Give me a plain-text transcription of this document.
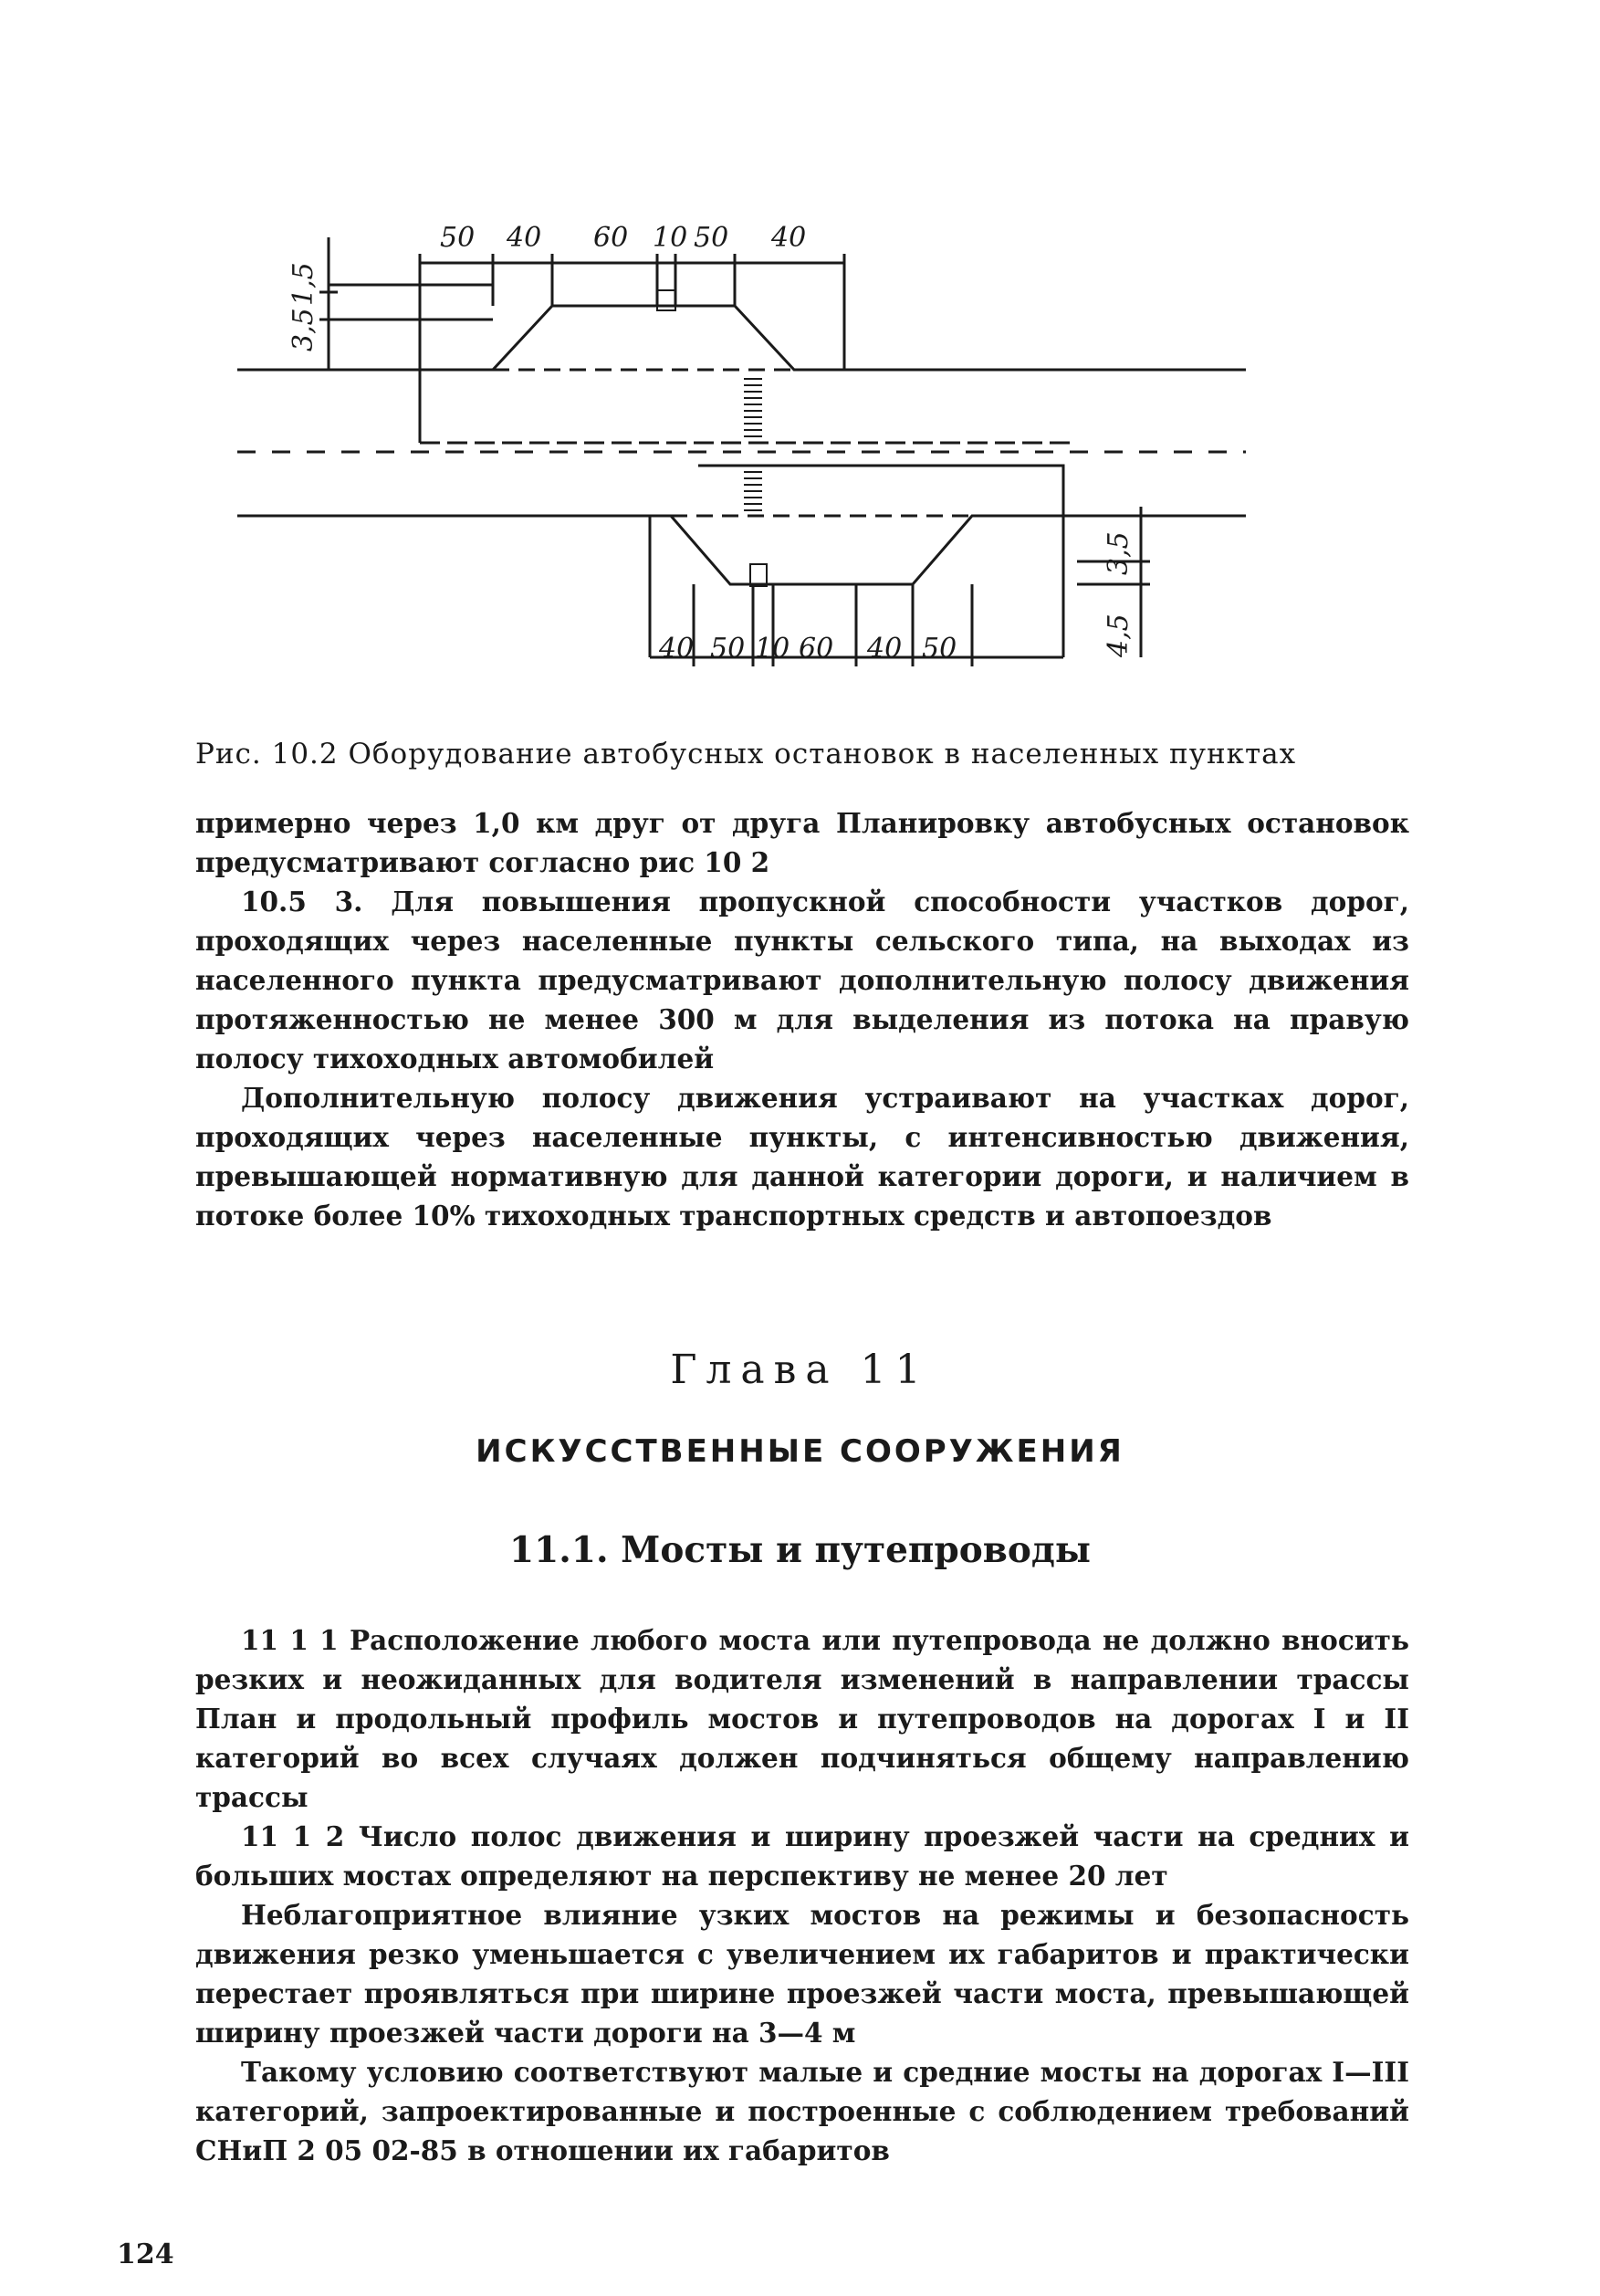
50 40 60 10 50 40
40 50 10 60 40 50
3,5
1,5
3,5
4,5
Рис. 10.2 Оборудование автобусных остановок в населенных пунктах

примерно через 1,0 км друг от друга Планировку автобусных остановок предусматривают согласно рис 10 2

10.5 3. Для повышения пропускной способности участков дорог, проходящих через населенные пункты сельского типа, на выходах из населенного пункта предусматривают дополнительную полосу движения протяженностью не менее 300 м для выделения из потока на правую полосу тихоходных автомобилей

Дополнительную полосу движения устраивают на участках дорог, проходящих через населенные пункты, с интенсивностью движения, превышающей нормативную для данной категории дороги, и наличием в потоке более 10% тихоходных транспортных средств и автопоездов

Глава 11
ИСКУССТВЕННЫЕ СООРУЖЕНИЯ
11.1. Мосты и путепроводы

11 1 1 Расположение любого моста или путепровода не должно вносить резких и неожиданных для водителя изменений в направлении трассы План и продольный профиль мостов и путепроводов на дорогах I и II категорий во всех случаях должен подчиняться общему направлению трассы

11 1 2 Число полос движения и ширину проезжей части на средних и больших мостах определяют на перспективу не менее 20 лет

Неблагоприятное влияние узких мостов на режимы и безопасность движения резко уменьшается с увеличением их габаритов и практически перестает проявляться при ширине проезжей части моста, превышающей ширину проезжей части дороги на 3—4 м

Такому условию соответствуют малые и средние мосты на дорогах I—III категорий, запроектированные и построенные с соблюдением требований СНиП 2 05 02-85 в отношении их габаритов

124
